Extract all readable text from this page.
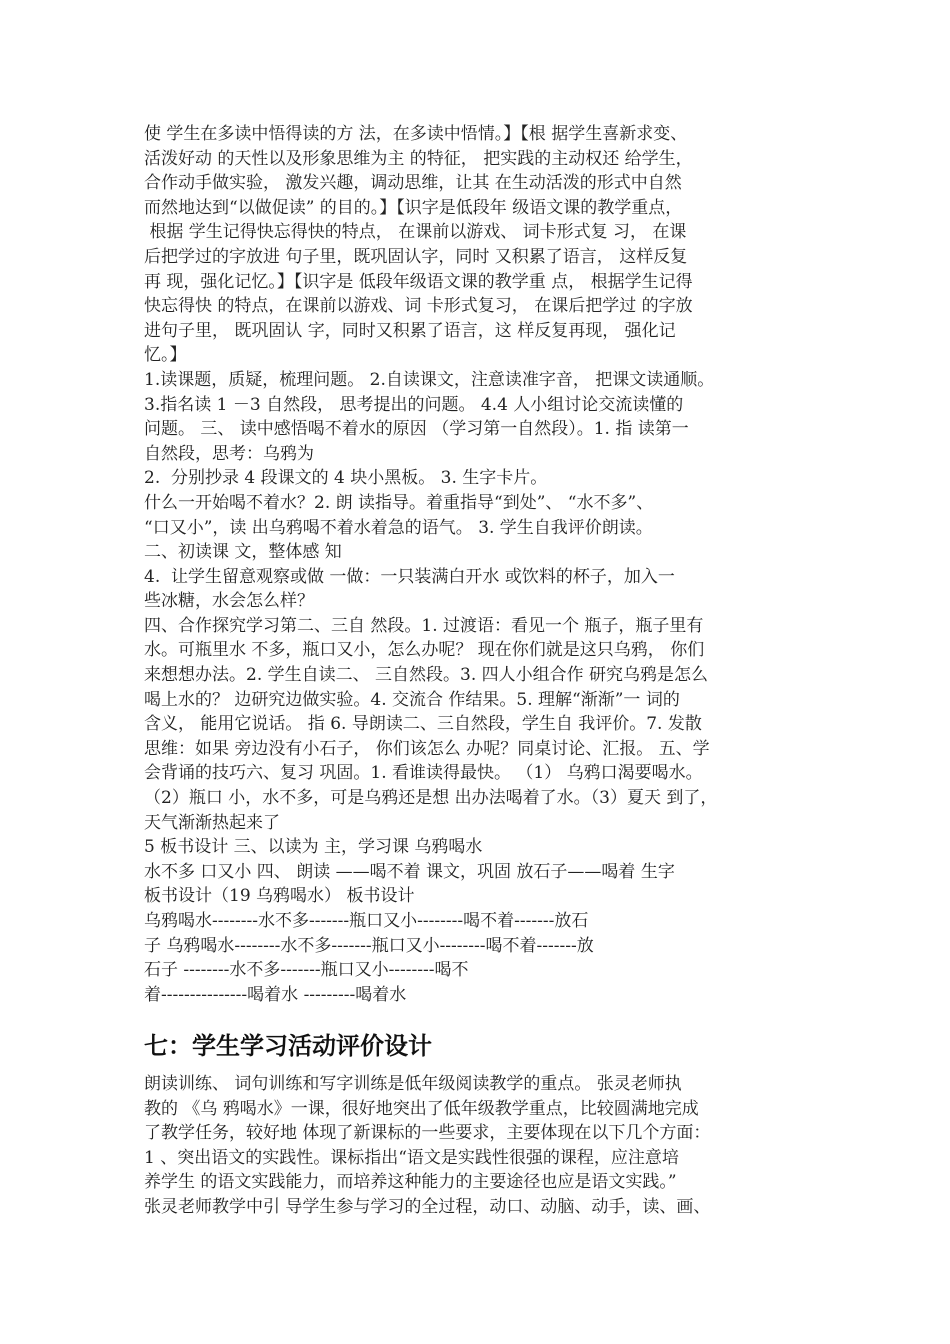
使 学生在多读中悟得读的方 法，在多读中悟情。】【根 据学生喜新求变、

活泼好动 的天性以及形象思维为主 的特征， 把实践的主动权还 给学生，

合作动手做实验， 激发兴趣，调动思维，让其 在生动活泼的形式中自然

而然地达到“以做促读” 的目的。】【识字是低段年 级语文课的教学重点，

根据 学生记得快忘得快的特点， 在课前以游戏、 词卡形式复 习， 在课

后把学过的字放进 句子里，既巩固认字，同时 又积累了语言， 这样反复

再 现，强化记忆。】【识字是 低段年级语文课的教学重 点， 根据学生记得

快忘得快 的特点，在课前以游戏、词 卡形式复习， 在课后把学过 的字放

进句子里， 既巩固认 字，同时又积累了语言，这 样反复再现， 强化记

忆。】

1.读课题，质疑，梳理问题。 2.自读课文，注意读准字音， 把课文读通顺。

3.指名读 1 －3 自然段， 思考提出的问题。 4.4 人小组讨论交流读懂的

问题。 三、 读中感悟喝不着水的原因 （学习第一自然段）。1. 指 读第一

自然段，思考：乌鸦为

2.  分别抄录 4 段课文的 4 块小黑板。 3. 生字卡片。

什么一开始喝不着水？2. 朗 读指导。着重指导“到处”、 “水不多”、

“口又小”，读 出乌鸦喝不着水着急的语气。 3. 学生自我评价朗读。

二、初读课 文，整体感 知

4.  让学生留意观察或做 一做：一只装满白开水 或饮料的杯子，加入一

些冰糖，水会怎么样？

四、合作探究学习第二、三自 然段。1. 过渡语：看见一个 瓶子，瓶子里有

水。可瓶里水 不多，瓶口又小，怎么办呢？ 现在你们就是这只乌鸦， 你们

来想想办法。2. 学生自读二、 三自然段。3. 四人小组合作 研究乌鸦是怎么

喝上水的？ 边研究边做实验。4. 交流合 作结果。5. 理解“渐渐”一 词的

含义， 能用它说话。 指 6. 导朗读二、三自然段，学生自 我评价。7. 发散

思维：如果 旁边没有小石子， 你们该怎么 办呢？同桌讨论、汇报。 五、学

会背诵的技巧六、复习 巩固。1. 看谁读得最快。 （1） 乌鸦口渴要喝水。

（2）瓶口 小，水不多，可是乌鸦还是想 出办法喝着了水。（3）夏天 到了，

天气渐渐热起来了

5 板书设计 三、以读为 主，学习课 乌鸦喝水

水不多 口又小 四、 朗读 ——喝不着 课文，巩固 放石子——喝着 生字

板书设计（19 乌鸦喝水） 板书设计

乌鸦喝水--------水不多-------瓶口又小--------喝不着-------放石

子 乌鸦喝水--------水不多-------瓶口又小--------喝不着-------放

石子 --------水不多-------瓶口又小--------喝不

着---------------喝着水 ---------喝着水

七：学生学习活动评价设计

朗读训练、 词句训练和写字训练是低年级阅读教学的重点。 张灵老师执

教的 《乌 鸦喝水》一课，很好地突出了低年级教学重点，比较圆满地完成

了教学任务，较好地 体现了新课标的一些要求，主要体现在以下几个方面：

1 、突出语文的实践性。课标指出“语文是实践性很强的课程，应注意培

养学生 的语文实践能力，而培养这种能力的主要途径也应是语文实践。”

张灵老师教学中引 导学生参与学习的全过程，动口、动脑、动手，读、画、
